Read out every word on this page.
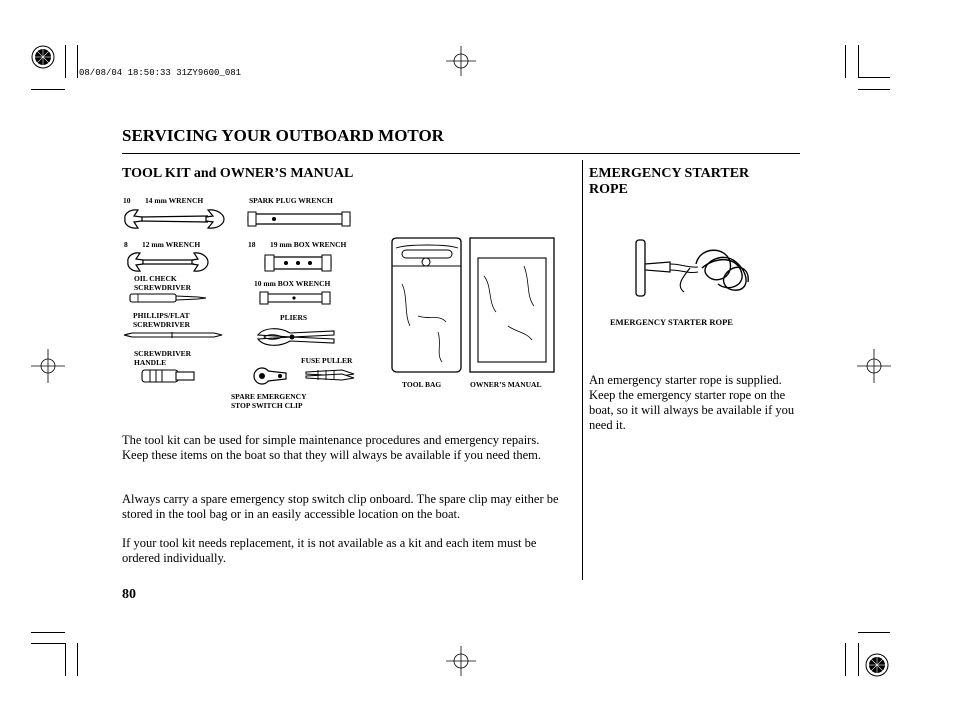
08/08/04 18:50:33 31ZY9600_081
SERVICING YOUR OUTBOARD MOTOR
TOOL KIT and OWNER’S MANUAL
10 14 mm WRENCH	SPARK PLUG WRENCH
8 12 mm WRENCH	18 19 mm BOX WRENCH
OIL CHECK
SCREWDRIVER	10 mm BOX WRENCH
PHILLIPS/FLAT
SCREWDRIVER
PLIERS
SCREWDRIVER
HANDLE	FUSE PULLER
SPARE EMERGENCY
STOP SWITCH CLIP
TOOL BAG	OWNER’S MANUAL
The tool kit can be used for simple maintenance procedures and emergency repairs. Keep these items on the boat so that they will always be available if you need them.
Always carry a spare emergency stop switch clip onboard. The spare clip may either be stored in the tool bag or in an easily accessible location on the boat.
If your tool kit needs replacement, it is not available as a kit and each item must be ordered individually.
EMERGENCY STARTER ROPE
EMERGENCY STARTER ROPE
An emergency starter rope is supplied. Keep the emergency starter rope on the boat, so it will always be available if you need it.
80
